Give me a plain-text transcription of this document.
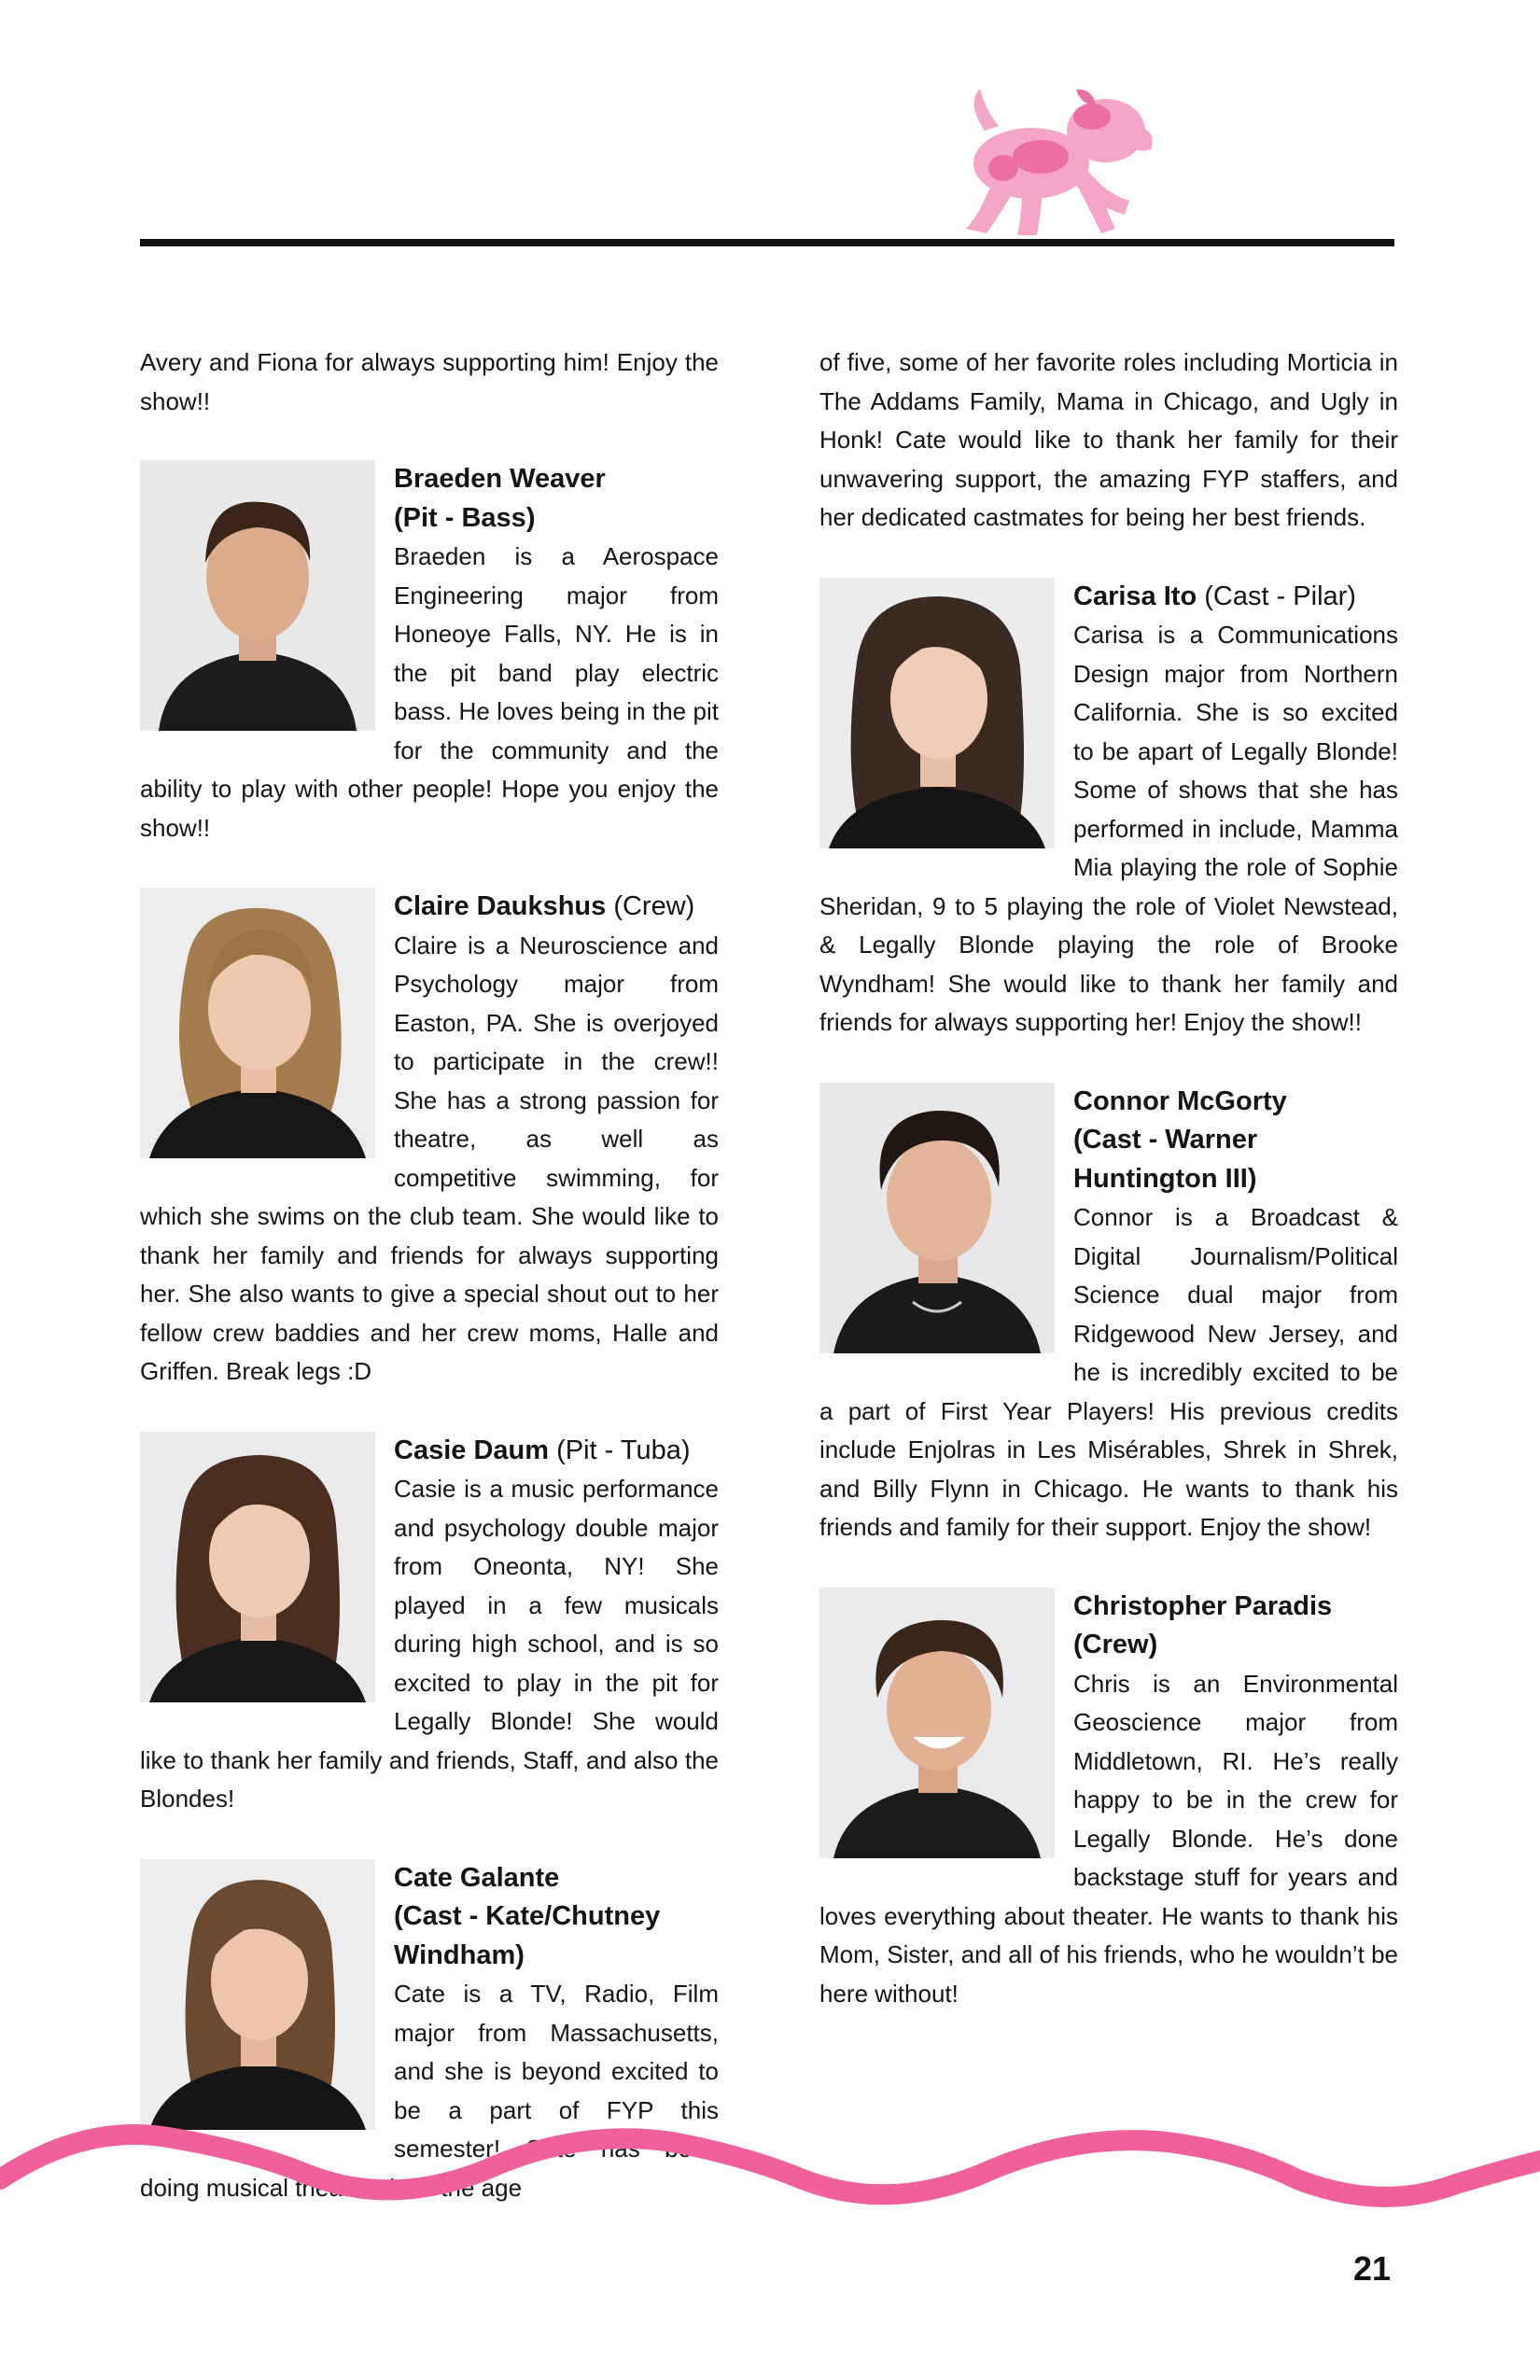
Avery and Fiona for always supporting him! Enjoy the show!!

Braeden Weaver
(Pit - Bass)

Braeden is a Aerospace Engineering major from Honeoye Falls, NY. He is in the pit band play electric bass. He loves being in the pit for the community and the ability to play with other people! Hope you enjoy the show!!

Claire Daukshus (Crew)

Claire is a Neuroscience and Psychology major from Easton, PA. She is overjoyed to participate in the crew!! She has a strong passion for theatre, as well as competitive swimming, for which she swims on the club team. She would like to thank her family and friends for always supporting her. She also wants to give a special shout out to her fellow crew baddies and her crew moms, Halle and Griffen. Break legs :D

Casie Daum (Pit - Tuba)

Casie is a music performance and psychology double major from Oneonta, NY! She played in a few musicals during high school, and is so excited to play in the pit for Legally Blonde! She would like to thank her family and friends, Staff, and also the Blondes!

Cate Galante
(Cast - Kate/Chutney Windham)

Cate is a TV, Radio, Film major from Massachusetts, and she is beyond excited to be a part of FYP this semester! Cate has been doing musical theater since the age

of five, some of her favorite roles including Morticia in The Addams Family, Mama in Chicago, and Ugly in Honk! Cate would like to thank her family for their unwavering support, the amazing FYP staffers, and her dedicated castmates for being her best friends.

Carisa Ito (Cast - Pilar)

Carisa is a Communications Design major from Northern California. She is so excited to be apart of Legally Blonde! Some of shows that she has performed in include, Mamma Mia playing the role of Sophie Sheridan, 9 to 5 playing the role of Violet Newstead, & Legally Blonde playing the role of Brooke Wyndham! She would like to thank her family and friends for always supporting her! Enjoy the show!!

Connor McGorty
(Cast - Warner Huntington III)

Connor is a Broadcast & Digital Journalism/Political Science dual major from Ridgewood New Jersey, and he is incredibly excited to be a part of First Year Players! His previous credits include Enjolras in Les Misérables, Shrek in Shrek, and Billy Flynn in Chicago. He wants to thank his friends and family for their support. Enjoy the show!

Christopher Paradis
(Crew)

Chris is an Environmental Geoscience major from Middletown, RI. He’s really happy to be in the crew for Legally Blonde. He’s done backstage stuff for years and loves everything about theater. He wants to thank his Mom, Sister, and all of his friends, who he wouldn’t be here without!

21
